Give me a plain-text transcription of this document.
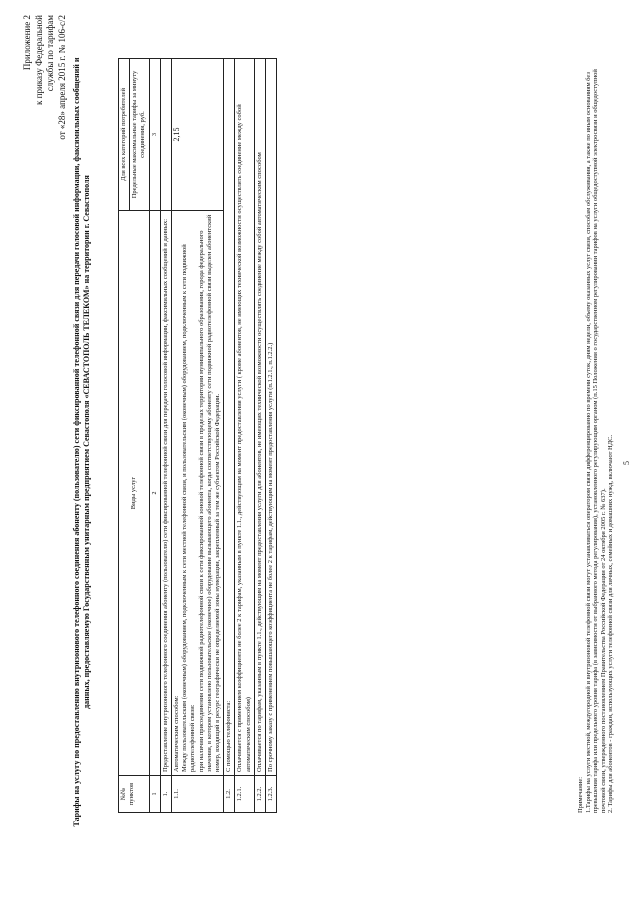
Приложение 2 к приказу Федеральной службы по тарифам от «28» апреля 2015 г. № 106-с/2 Тарифы на услугу по предоставлению внутризонового телефонного соединения абоненту (пользователю) сети фиксированной телефонной связи для передачи голосовой информации, факсимильных сообщений и данных, предоставляемую Государственным унитарным предприятием Севастополя «СЕВАСТОПОЛЬ ТЕЛЕКОМ» на территории г. Севастополя
№№ пунктов	Виды услуг	Для всех категорий потребителей
		Предельные максимальные тарифы за минуту соединения, руб.
1	2	3
1.	Предоставление внутризонового телефонного соединения абоненту (пользователю) сети фиксированной телефонной связи для передачи голосовой информации, факсимильных сообщений и данных:	
1.1.	Автоматическим способом: Между пользовательским (оконечным) оборудованием, подключенным к сети местной телефонной связи, и пользовательским (оконечным) оборудованием, подключенным к сети подвижной радиотелефонной связи: при наличии присоединения сети подвижной радиотелефонной связи к сети фиксированной зоновой телефонной связи в пределах территории муниципального образования, города федерального значения, в котором установлено пользовательское (оконечное) оборудование вызывающего абонента, когда соответствующему абоненту сети подвижной радиотелефонной связи выделен абонентский номер, входящий в ресурс географически не определяемой зоны нумерации, закрепленный за тем же субъектом Российской Федерации.	2,15
1.2.	С помощью телефониста:	
1.2.1.	Оплачивается с применением коэффициента не более 2 к тарифам, указанным в пункте 1.1., действующим на момент предоставления услуги ( кроме абонентов, не имеющих технической возможности осуществлять соединение между собой автоматическим способом)	
1.2.2.	Оплачивается по тарифам, указанным в пункте 1.1., действующим на момент предоставления услуги для абонентов, не имеющих технической возможности осуществлять соединение между собой автоматическим способом	
1.2.3.	По срочному заказу с применением повышающего коэффициента не более 2 к тарифам, действующим на момент предоставления услуги (п.1.2.1., п.1.2.2.)	
Примечание: 1.Тарифы на услуги местной, междугородной и внутризоновой телефонной связи могут устанавливаться оператором связи дифференцированно по времени суток, дням недели, объему оказанных услуг связи, способам обслуживания, а также по иным основаниям без превышения тарифа или предельного уровня тарифа (в зависимости от выбранного метода регулирования), установленного регулирующим органом (п.15 Положения о государственном регулировании тарифов на услуги общедоступной электросвязи и общедоступной почтовой связи, утвержденного постановлением Правительства Российской Федерации от 24 октября 2005 г. № 637). 2. Тарифы для абонентов - граждан, использующих услуги телефонной связи для личных, семейных и домашних нужд, включают НДС. 5
